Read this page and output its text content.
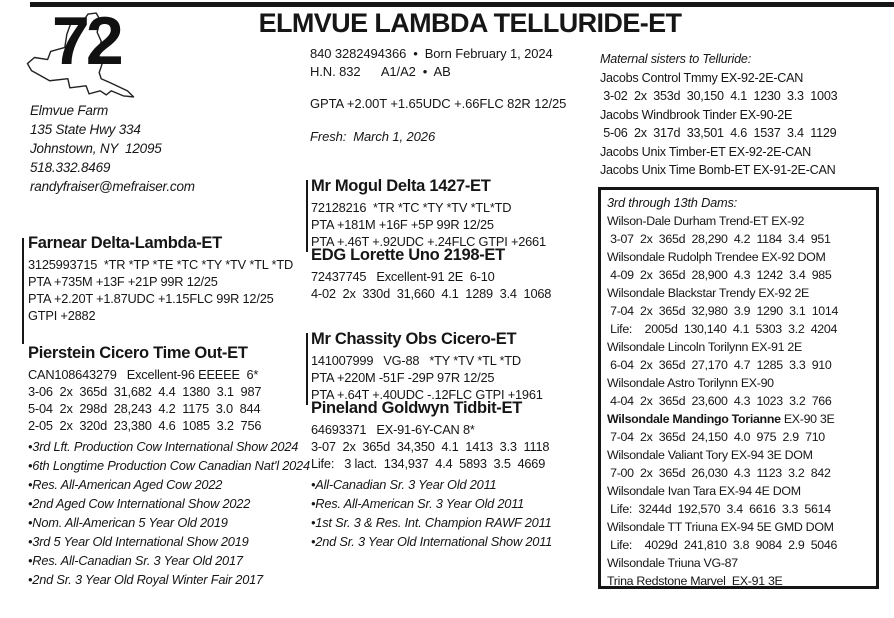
72
Elmvue Farm
135 State Hwy 334
Johnstown, NY  12095
518.332.8469
randyfraiser@mefraiser.com
ELMVUE LAMBDA TELLURIDE-ET
840 3282494366  •  Born February 1, 2024
H.N. 832      A1/A2  •  AB
GPTA +2.00T +1.65UDC +.66FLC 82R 12/25
Fresh:  March 1, 2026
Maternal sisters to Telluride:
Jacobs Control Tmmy EX-92-2E-CAN
3-02  2x  353d  30,150  4.1  1230  3.3  1003
Jacobs Windbrook Tinder EX-90-2E
5-06  2x  317d  33,501  4.6  1537  3.4  1129
Jacobs Unix Timber-ET EX-92-2E-CAN
Jacobs Unix Time Bomb-ET EX-91-2E-CAN
Farnear Delta-Lambda-ET
3125993715  *TR *TP *TE *TC *TY *TV *TL *TD
PTA +735M +13F +21P 99R 12/25
PTA +2.20T +1.87UDC +1.15FLC 99R 12/25
GTPI +2882
Pierstein Cicero Time Out-ET
CAN108643279   Excellent-96 EEEEE  6*
3-06  2x  365d  31,682  4.4  1380  3.1  987
5-04  2x  298d  28,243  4.2  1175  3.0  844
2-05  2x  320d  23,380  4.6  1085  3.2  756
•3rd Lft. Production Cow International Show 2024
•6th Longtime Production Cow Canadian Nat'l 2024
•Res. All-American Aged Cow 2022
•2nd Aged Cow International Show 2022
•Nom. All-American 5 Year Old 2019
•3rd 5 Year Old International Show 2019
•Res. All-Canadian Sr. 3 Year Old 2017
•2nd Sr. 3 Year Old Royal Winter Fair 2017
Mr Mogul Delta 1427-ET
72128216  *TR *TC *TY *TV *TL*TD
PTA +181M +16F +5P 99R 12/25
PTA +.46T +.92UDC +.24FLC GTPI +2661
EDG Lorette Uno 2198-ET
72437745   Excellent-91 2E  6-10
4-02  2x  330d  31,660  4.1  1289  3.4  1068
Mr Chassity Obs Cicero-ET
141007999   VG-88   *TY *TV *TL *TD
PTA +220M -51F -29P 97R 12/25
PTA +.64T +.40UDC -.12FLC GTPI +1961
Pineland Goldwyn Tidbit-ET
64693371   EX-91-6Y-CAN 8*
3-07  2x  365d  34,350  4.1  1413  3.3  1118
Life:   3 lact.  134,937  4.4  5893  3.5  4669
•All-Canadian Sr. 3 Year Old 2011
•Res. All-American Sr. 3 Year Old 2011
•1st Sr. 3 & Res. Int. Champion RAWF 2011
•2nd Sr. 3 Year Old International Show 2011
3rd through 13th Dams:
Wilson-Dale Durham Trend-ET EX-92
3-07  2x  365d  28,290  4.2  1184  3.4  951
Wilsondale Rudolph Trendee EX-92 DOM
4-09  2x  365d  28,900  4.3  1242  3.4  985
Wilsondale Blackstar Trendy EX-92 2E
7-04  2x  365d  32,980  3.9  1290  3.1  1014
Life:    2005d  130,140  4.1  5303  3.2  4204
Wilsondale Lincoln Torilynn EX-91 2E
6-04  2x  365d  27,170  4.7  1285  3.3  910
Wilsondale Astro Torilynn EX-90
4-04  2x  365d  23,600  4.3  1023  3.2  766
Wilsondale Mandingo Torianne EX-90 3E
7-04  2x  365d  24,150  4.0  975  2.9  710
Wilsondale Valiant Tory EX-94 3E DOM
7-00  2x  365d  26,030  4.3  1123  3.2  842
Wilsondale Ivan Tara EX-94 4E DOM
Life:  3244d  192,570  3.4  6616  3.3  5614
Wilsondale TT Triuna EX-94 5E GMD DOM
Life:    4029d  241,810  3.8  9084  2.9  5046
Wilsondale Triuna VG-87
Trina Redstone Marvel  EX-91 3E
